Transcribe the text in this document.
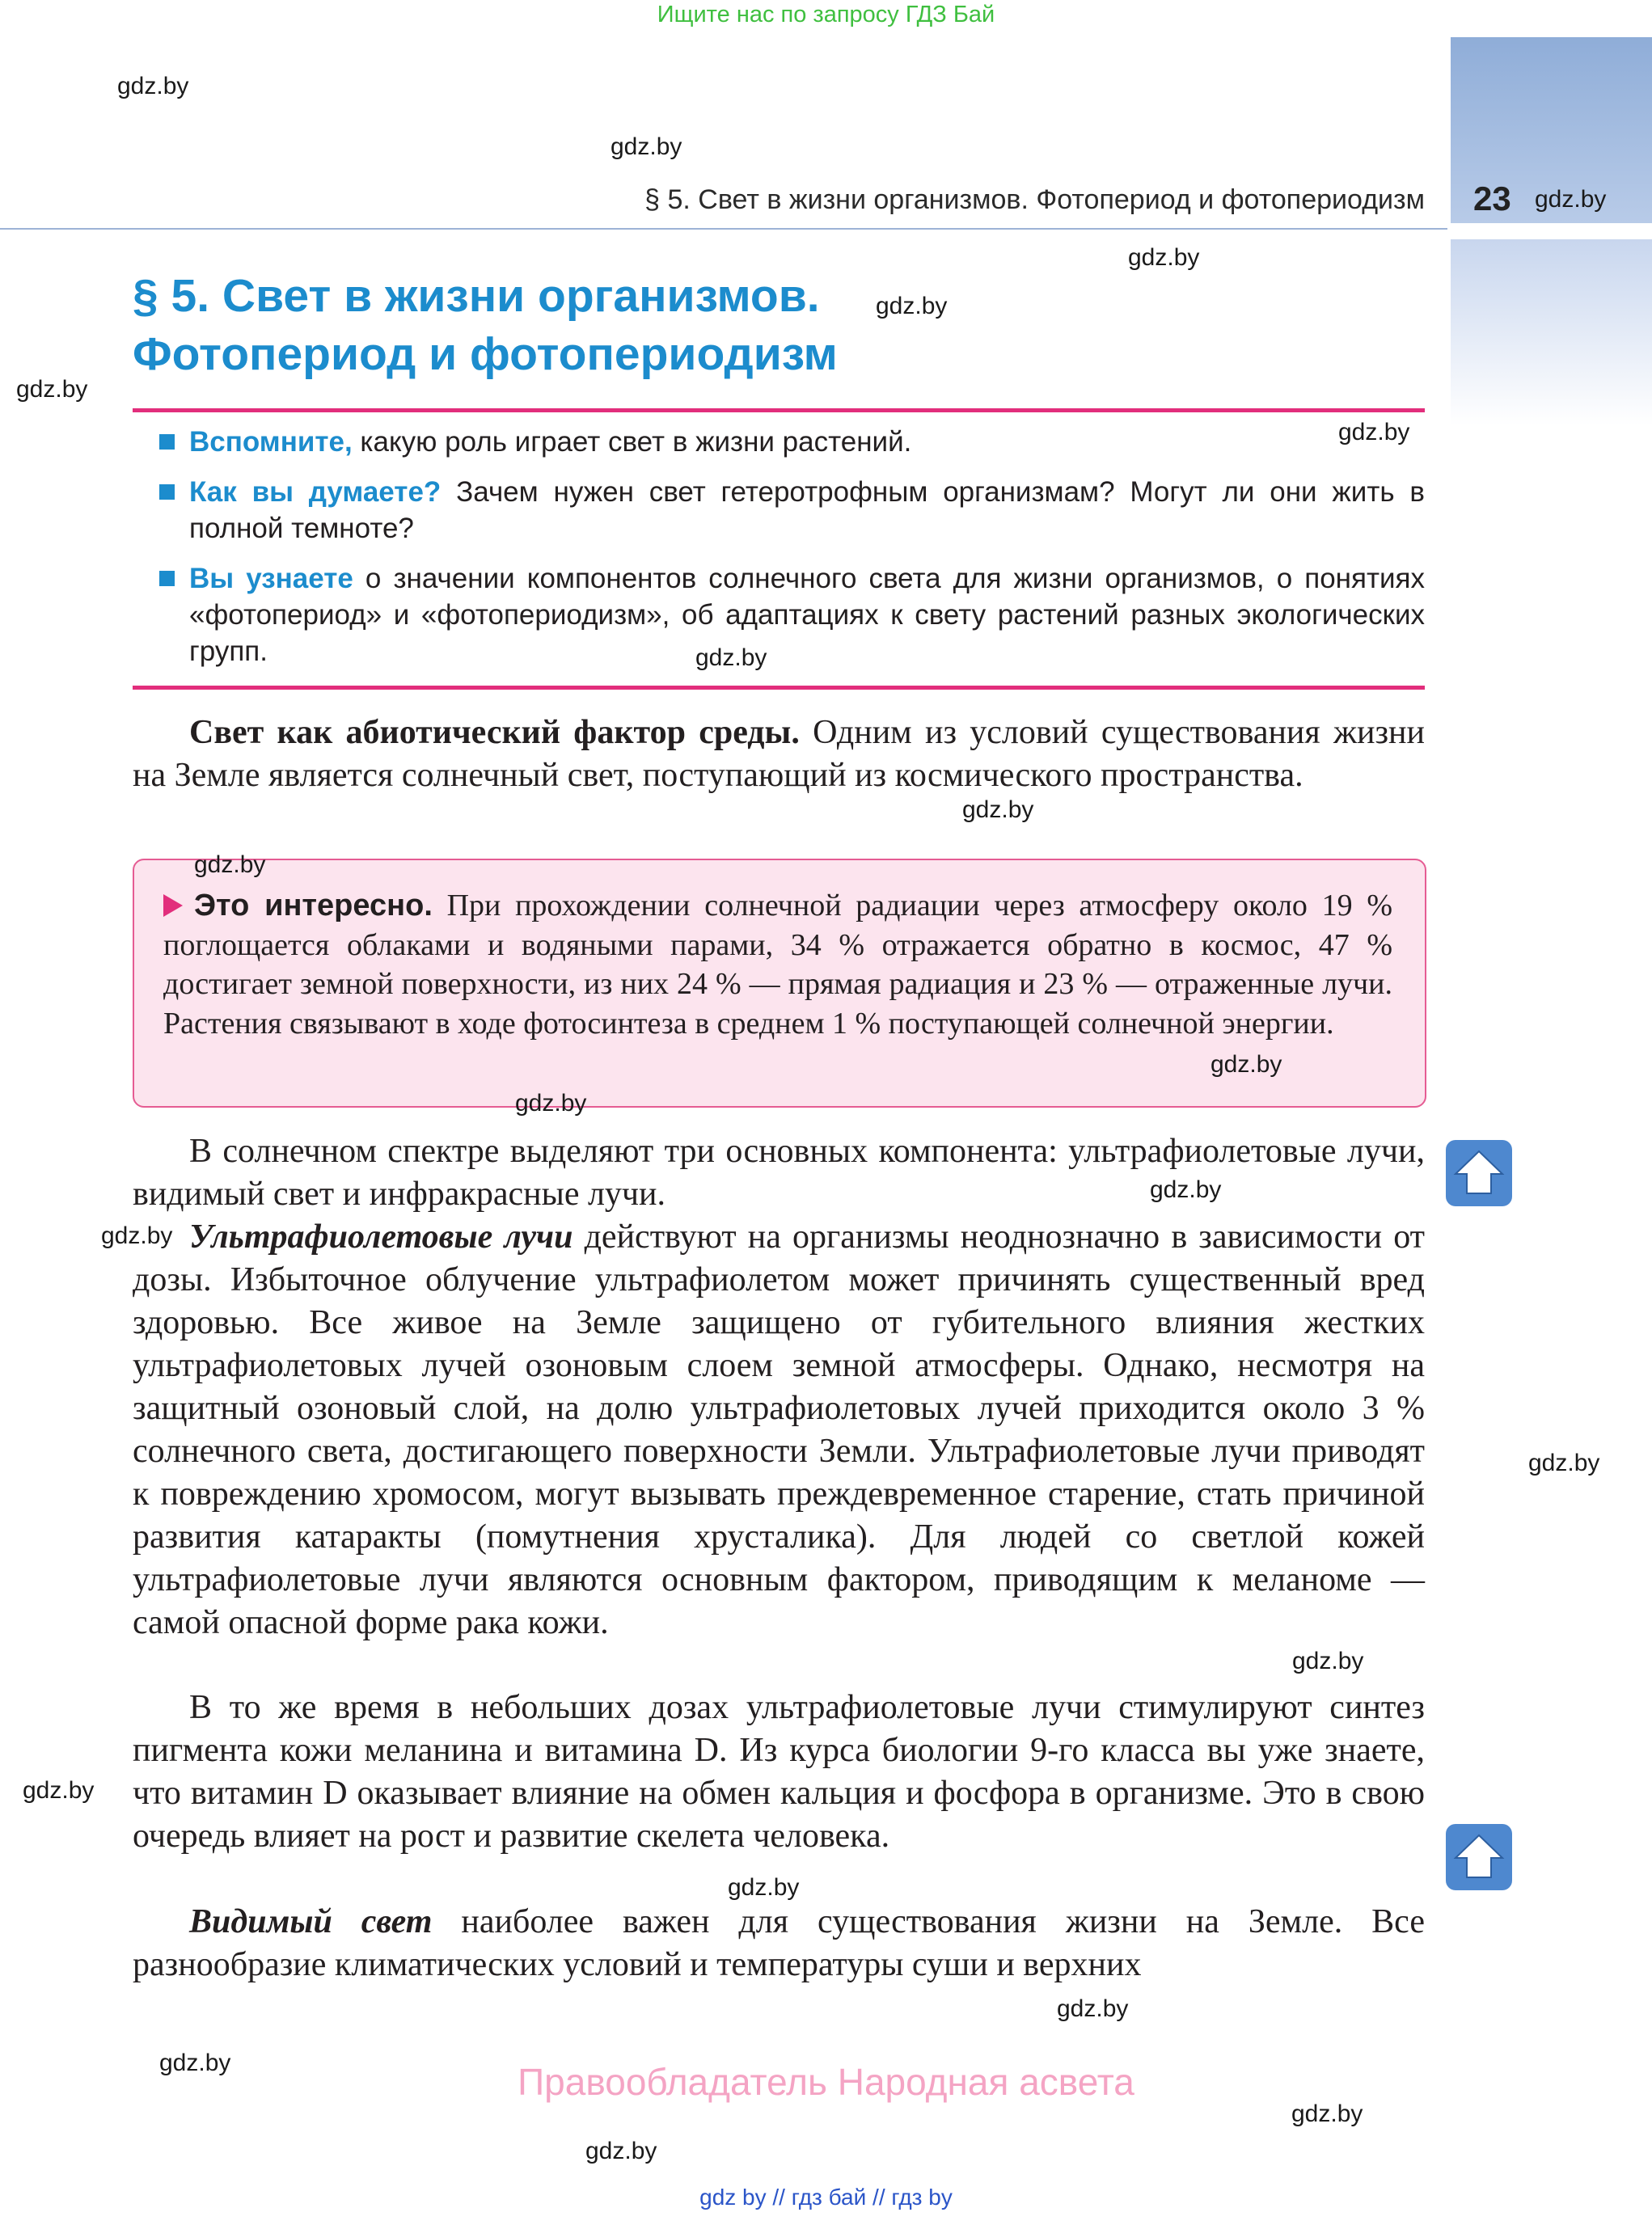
Ищите нас по запросу ГДЗ Бай
23
§ 5. Свет в жизни организмов. Фотопериод и фотопериодизм
§ 5. Свет в жизни организмов.
Фотопериод и фотопериодизм
Вспомните, какую роль играет свет в жизни растений.
Как вы думаете? Зачем нужен свет гетеротрофным организмам? Могут ли они жить в полной темноте?
Вы узнаете о значении компонентов солнечного света для жизни организмов, о понятиях «фотопериод» и «фотопериодизм», об адаптациях к свету растений разных экологических групп.
Свет как абиотический фактор среды. Одним из условий существования жизни на Земле является солнечный свет, поступающий из космического пространства.
Это интересно. При прохождении солнечной радиации через атмосферу около 19 % поглощается облаками и водяными парами, 34 % отражается обратно в космос, 47 % достигает земной поверхности, из них 24 % — прямая радиация и 23 % — отраженные лучи. Растения связывают в ходе фотосинтеза в среднем 1 % поступающей солнечной энергии.
В солнечном спектре выделяют три основных компонента: ультрафиолетовые лучи, видимый свет и инфракрасные лучи.
Ультрафиолетовые лучи действуют на организмы неоднозначно в зависимости от дозы. Избыточное облучение ультрафиолетом может причинять существенный вред здоровью. Все живое на Земле защищено от губительного влияния жестких ультрафиолетовых лучей озоновым слоем земной атмосферы. Однако, несмотря на защитный озоновый слой, на долю ультрафиолетовых лучей приходится около 3 % солнечного света, достигающего поверхности Земли. Ультрафиолетовые лучи приводят к повреждению хромосом, могут вызывать преждевременное старение, стать причиной развития катаракты (помутнения хрусталика). Для людей со светлой кожей ультрафиолетовые лучи являются основным фактором, приводящим к меланоме — самой опасной форме рака кожи.
В то же время в небольших дозах ультрафиолетовые лучи стимулируют синтез пигмента кожи меланина и витамина D. Из курса биологии 9-го класса вы уже знаете, что витамин D оказывает влияние на обмен кальция и фосфора в организме. Это в свою очередь влияет на рост и развитие скелета человека.
Видимый свет наиболее важен для существования жизни на Земле. Все разнообразие климатических условий и температуры суши и верхних
gdz.by
gdz.by
gdz.by
gdz.by
gdz.by
gdz.by
gdz.by
gdz.by
gdz.by
gdz.by
gdz.by
gdz.by
gdz.by
gdz.by
gdz.by
gdz.by
gdz.by
gdz.by
gdz.by
gdz.by
gdz.by
gdz.by
Правообладатель Народная асвета
gdz by // гдз бай // гдз by
